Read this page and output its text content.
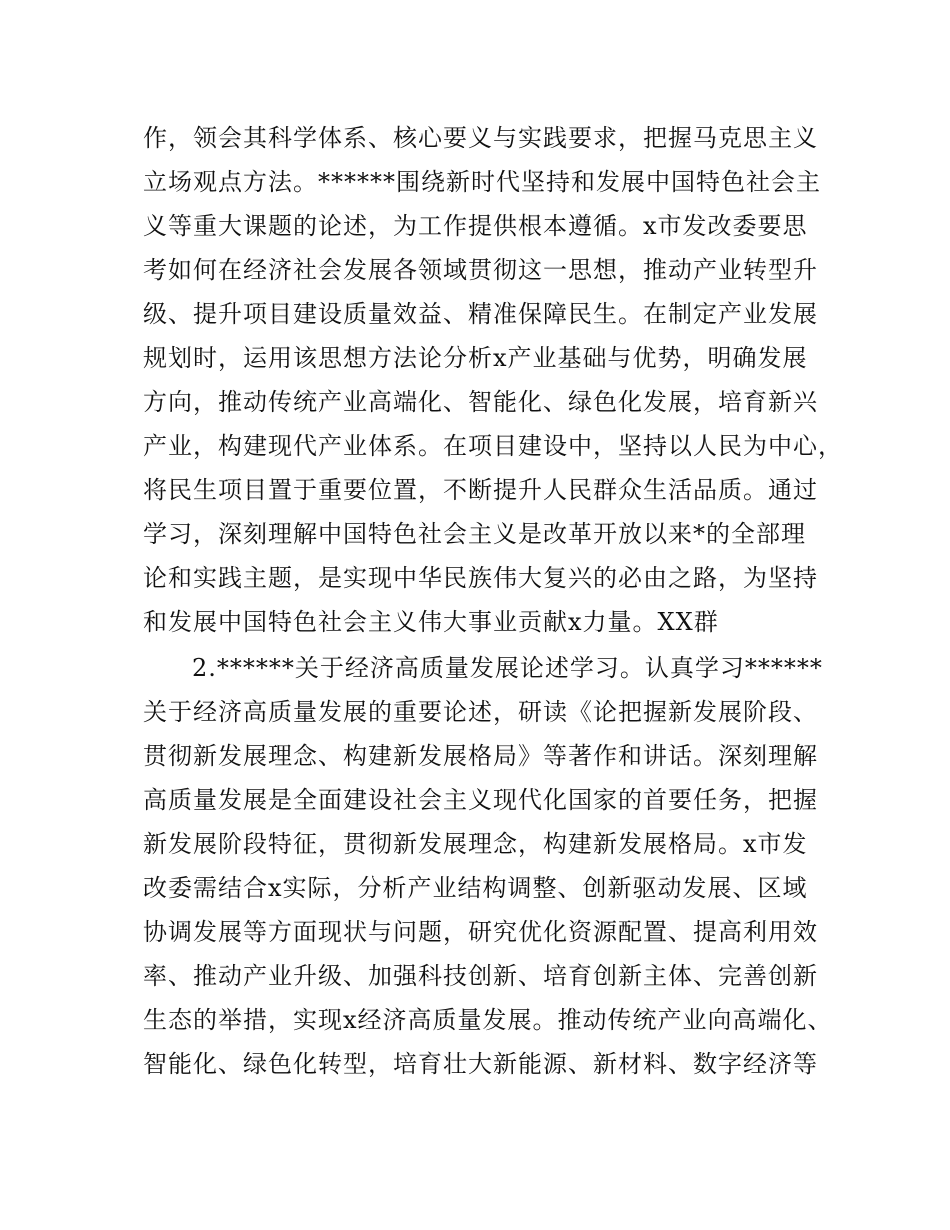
作，领会其科学体系、核心要义与实践要求，把握马克思主义
立场观点方法。******围绕新时代坚持和发展中国特色社会主
义等重大课题的论述，为工作提供根本遵循。x市发改委要思
考如何在经济社会发展各领域贯彻这一思想，推动产业转型升
级、提升项目建设质量效益、精准保障民生。在制定产业发展
规划时，运用该思想方法论分析x产业基础与优势，明确发展
方向，推动传统产业高端化、智能化、绿色化发展，培育新兴
产业，构建现代产业体系。在项目建设中，坚持以人民为中心，
将民生项目置于重要位置，不断提升人民群众生活品质。通过
学习，深刻理解中国特色社会主义是改革开放以来*的全部理
论和实践主题，是实现中华民族伟大复兴的必由之路，为坚持
和发展中国特色社会主义伟大事业贡献x力量。XX群
2.******关于经济高质量发展论述学习。认真学习******
关于经济高质量发展的重要论述，研读《论把握新发展阶段、
贯彻新发展理念、构建新发展格局》等著作和讲话。深刻理解
高质量发展是全面建设社会主义现代化国家的首要任务，把握
新发展阶段特征，贯彻新发展理念，构建新发展格局。x市发
改委需结合x实际，分析产业结构调整、创新驱动发展、区域
协调发展等方面现状与问题，研究优化资源配置、提高利用效
率、推动产业升级、加强科技创新、培育创新主体、完善创新
生态的举措，实现x经济高质量发展。推动传统产业向高端化、
智能化、绿色化转型，培育壮大新能源、新材料、数字经济等
